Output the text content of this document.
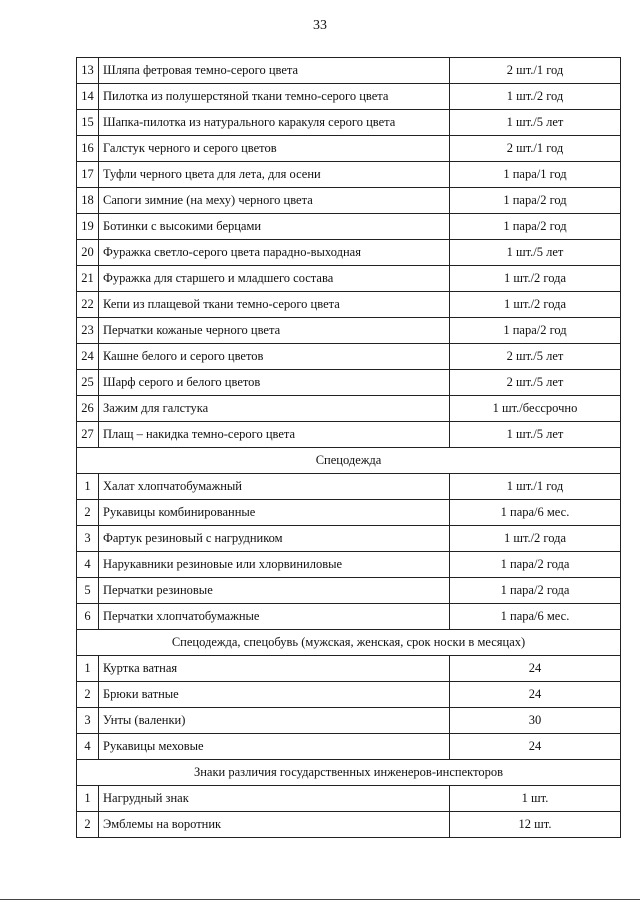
33
13	Шляпа фетровая темно-серого цвета	2 шт./1 год
14	Пилотка из полушерстяной ткани темно-серого цвета	1 шт./2 год
15	Шапка-пилотка из натурального каракуля серого цвета	1 шт./5 лет
16	Галстук черного и серого цветов	2 шт./1 год
17	Туфли черного цвета для лета, для осени	1 пара/1 год
18	Сапоги зимние (на меху) черного цвета	1 пара/2 год
19	Ботинки с высокими берцами	1 пара/2 год
20	Фуражка светло-серого цвета парадно-выходная	1 шт./5 лет
21	Фуражка для старшего и младшего состава	1 шт./2 года
22	Кепи из плащевой ткани темно-серого цвета	1 шт./2 года
23	Перчатки кожаные черного цвета	1 пара/2 год
24	Кашне белого и серого цветов	2 шт./5 лет
25	Шарф серого и белого цветов	2 шт./5 лет
26	Зажим для галстука	1 шт./бессрочно
27	Плащ – накидка темно-серого цвета	1 шт./5 лет
Спецодежда		
1	Халат хлопчатобумажный	1 шт./1 год
2	Рукавицы комбинированные	1 пара/6 мес.
3	Фартук резиновый с нагрудником	1 шт./2 года
4	Нарукавники резиновые или хлорвиниловые	1 пара/2 года
5	Перчатки резиновые	1 пара/2 года
6	Перчатки хлопчатобумажные	1 пара/6 мес.
Спецодежда, спецобувь (мужская, женская, срок носки в месяцах)		
1	Куртка ватная	24
2	Брюки ватные	24
3	Унты (валенки)	30
4	Рукавицы меховые	24
Знаки различия государственных инженеров-инспекторов		
1	Нагрудный знак	1 шт.
2	Эмблемы на воротник	12 шт.
